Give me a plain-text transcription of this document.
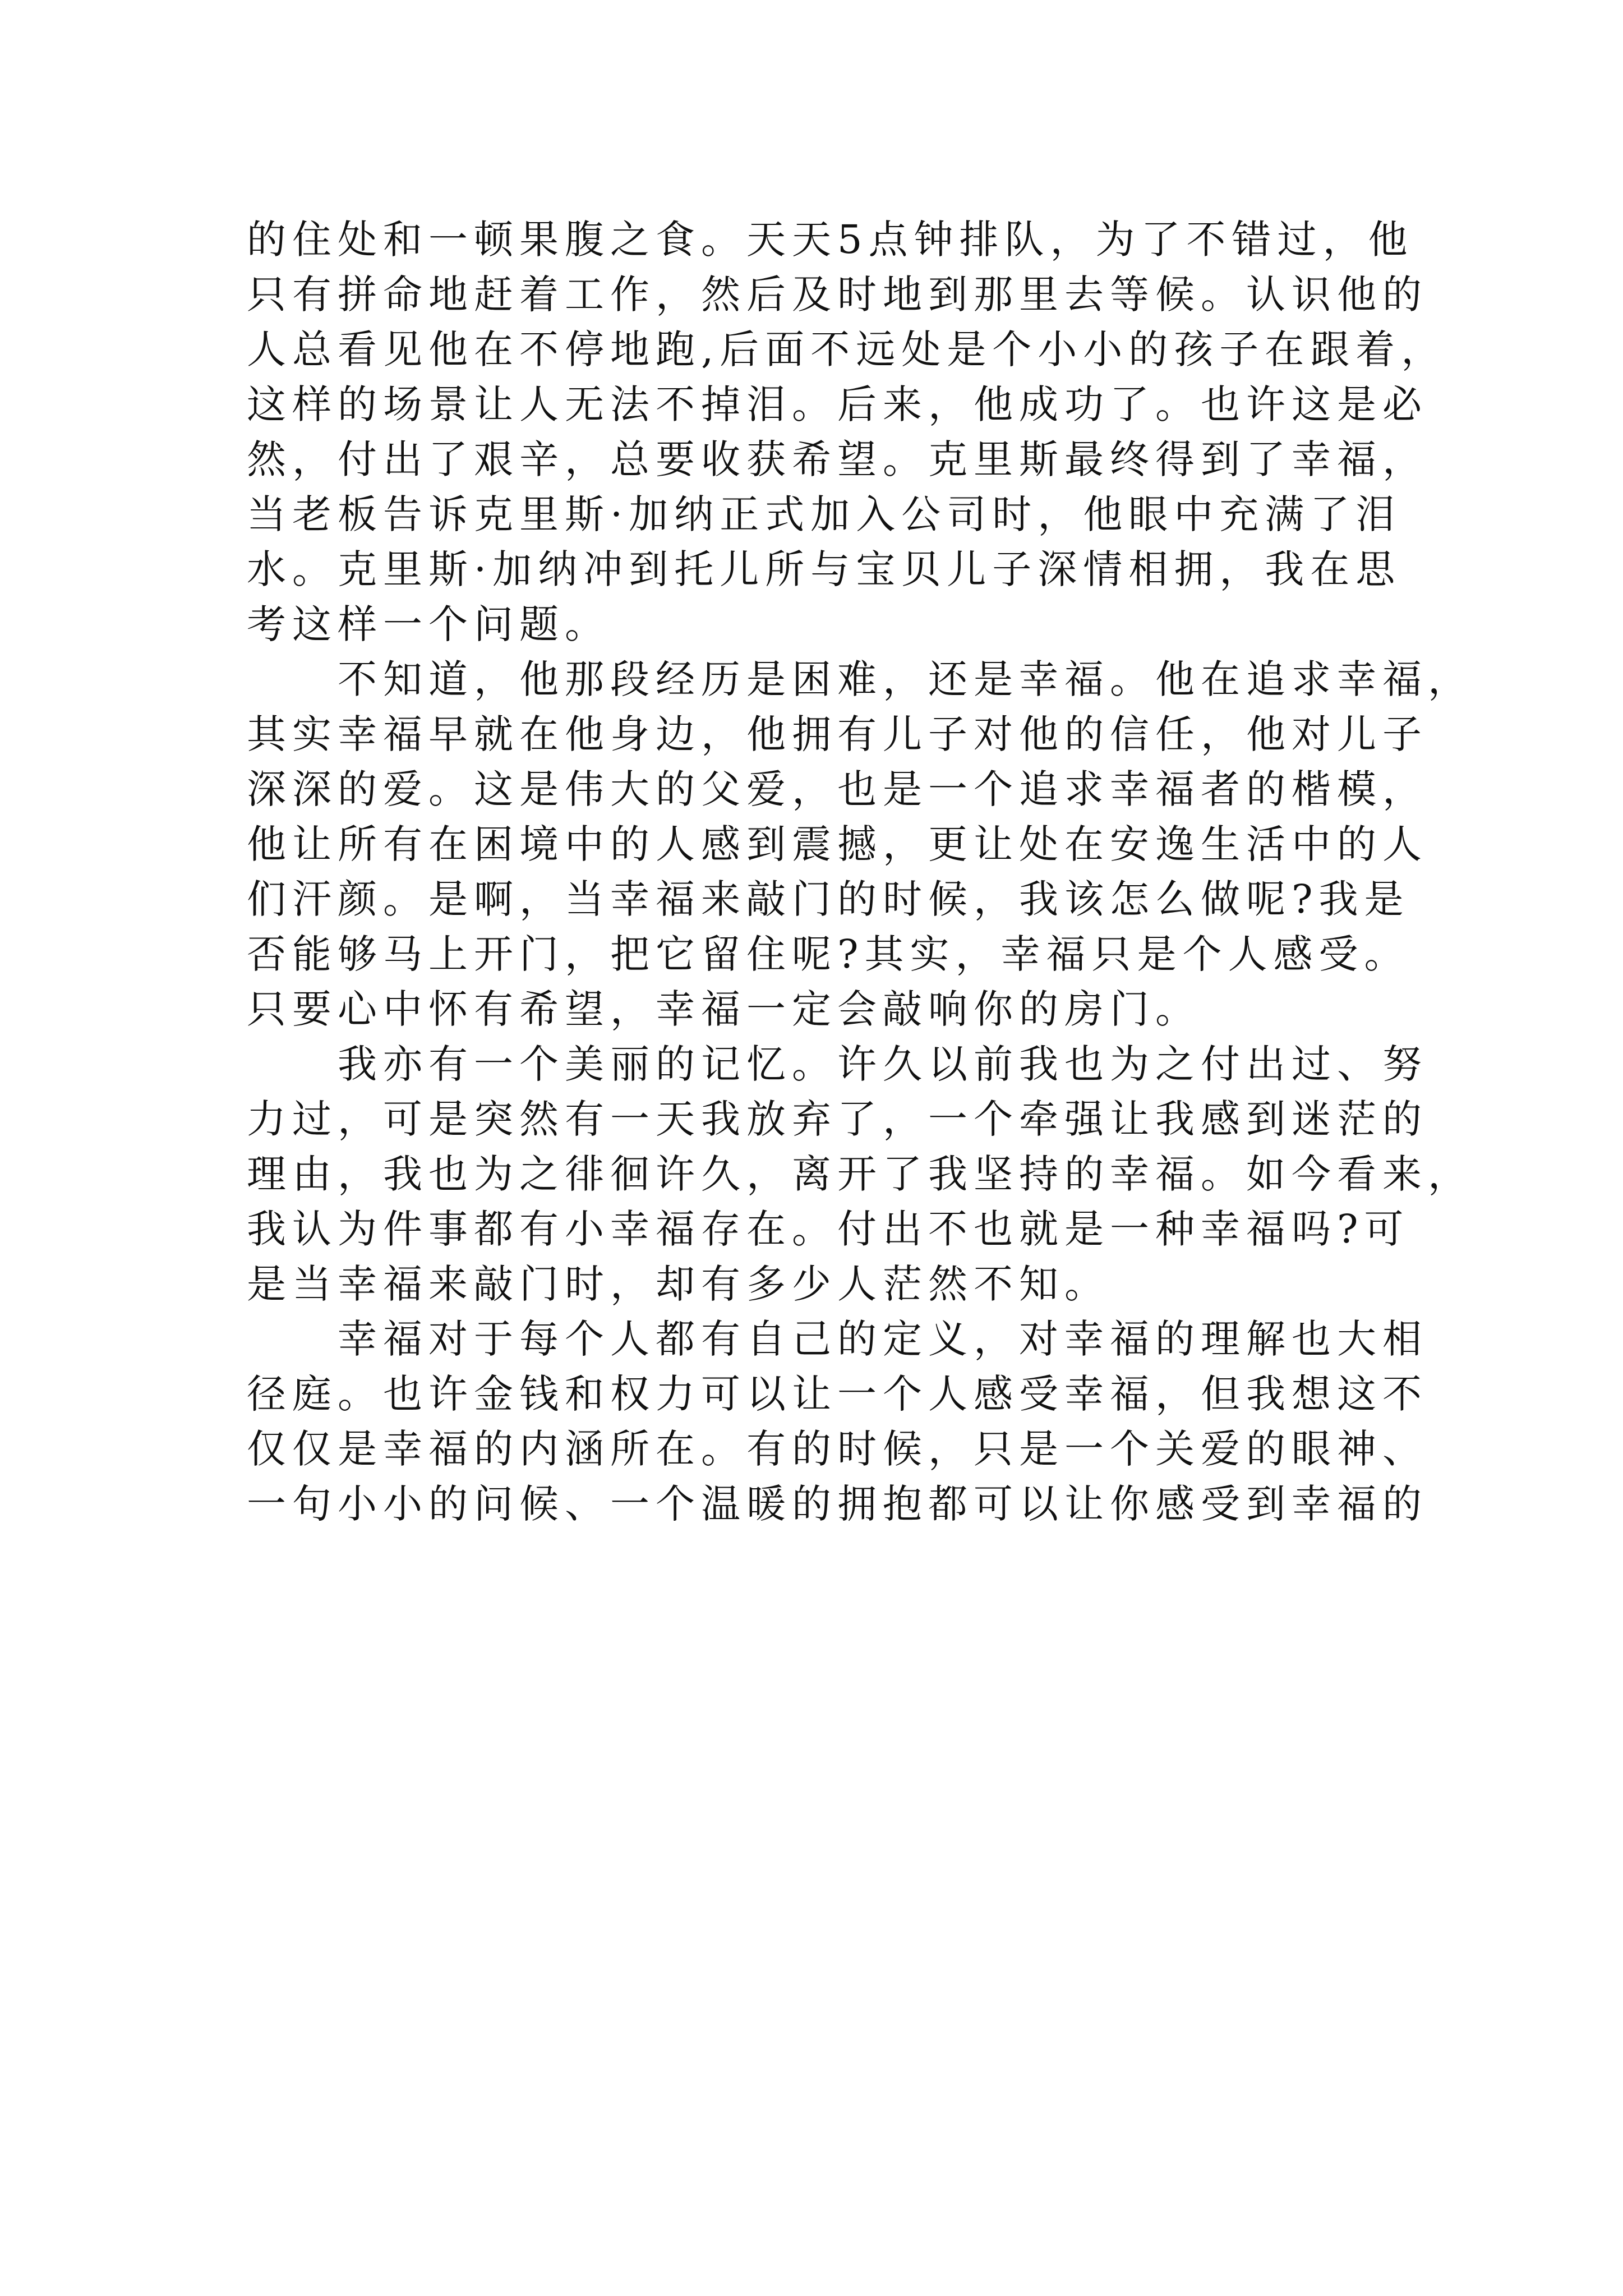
的住处和一顿果腹之食。天天5点钟排队，为了不错过，他

只有拼命地赶着工作，然后及时地到那里去等候。认识他的

人总看见他在不停地跑,后面不远处是个小小的孩子在跟着，

这样的场景让人无法不掉泪。后来，他成功了。也许这是必

然，付出了艰辛，总要收获希望。克里斯最终得到了幸福，

当老板告诉克里斯·加纳正式加入公司时，他眼中充满了泪

水。克里斯·加纳冲到托儿所与宝贝儿子深情相拥，我在思

考这样一个问题。

　　不知道，他那段经历是困难，还是幸福。他在追求幸福，

其实幸福早就在他身边，他拥有儿子对他的信任，他对儿子

深深的爱。这是伟大的父爱，也是一个追求幸福者的楷模，

他让所有在困境中的人感到震撼，更让处在安逸生活中的人

们汗颜。是啊，当幸福来敲门的时候，我该怎么做呢?我是

否能够马上开门，把它留住呢?其实，幸福只是个人感受。

只要心中怀有希望，幸福一定会敲响你的房门。

　　我亦有一个美丽的记忆。许久以前我也为之付出过、努

力过，可是突然有一天我放弃了，一个牵强让我感到迷茫的

理由，我也为之徘徊许久，离开了我坚持的幸福。如今看来，

我认为件事都有小幸福存在。付出不也就是一种幸福吗?可

是当幸福来敲门时，却有多少人茫然不知。

　　幸福对于每个人都有自己的定义，对幸福的理解也大相

径庭。也许金钱和权力可以让一个人感受幸福，但我想这不

仅仅是幸福的内涵所在。有的时候，只是一个关爱的眼神、

一句小小的问候、一个温暖的拥抱都可以让你感受到幸福的
